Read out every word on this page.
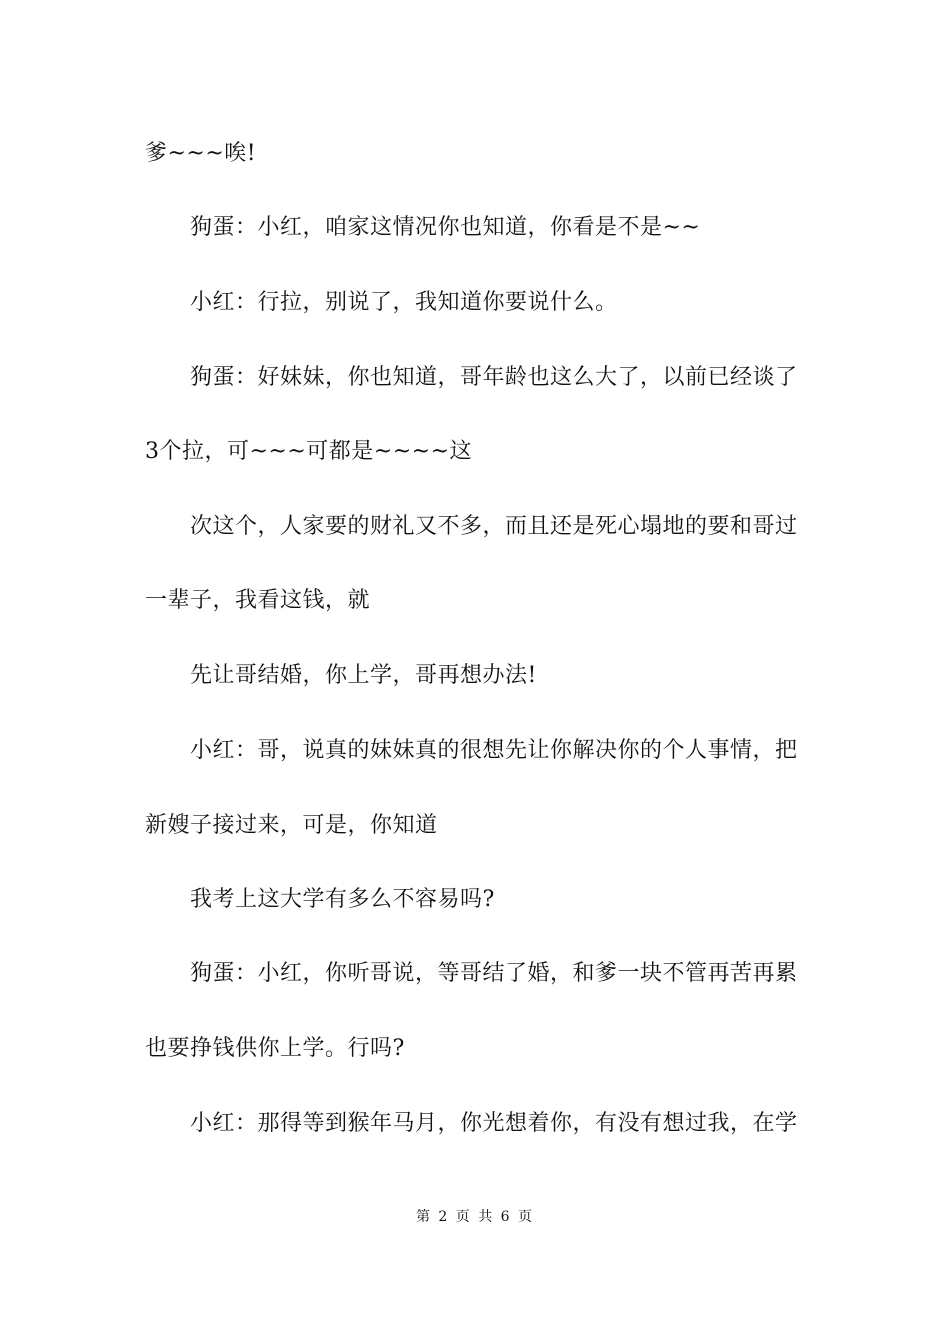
爹~~~唉!
狗蛋：小红，咱家这情况你也知道，你看是不是~~
小红：行拉，别说了，我知道你要说什么。
狗蛋：好妹妹，你也知道，哥年龄也这么大了，以前已经谈了
3个拉，可~~~可都是~~~~这
次这个，人家要的财礼又不多，而且还是死心塌地的要和哥过
一辈子，我看这钱，就
先让哥结婚，你上学，哥再想办法!
小红：哥，说真的妹妹真的很想先让你解决你的个人事情，把
新嫂子接过来，可是，你知道
我考上这大学有多么不容易吗?
狗蛋：小红，你听哥说，等哥结了婚，和爹一块不管再苦再累
也要挣钱供你上学。行吗?
小红：那得等到猴年马月，你光想着你，有没有想过我，在学
第 2 页 共 6 页
